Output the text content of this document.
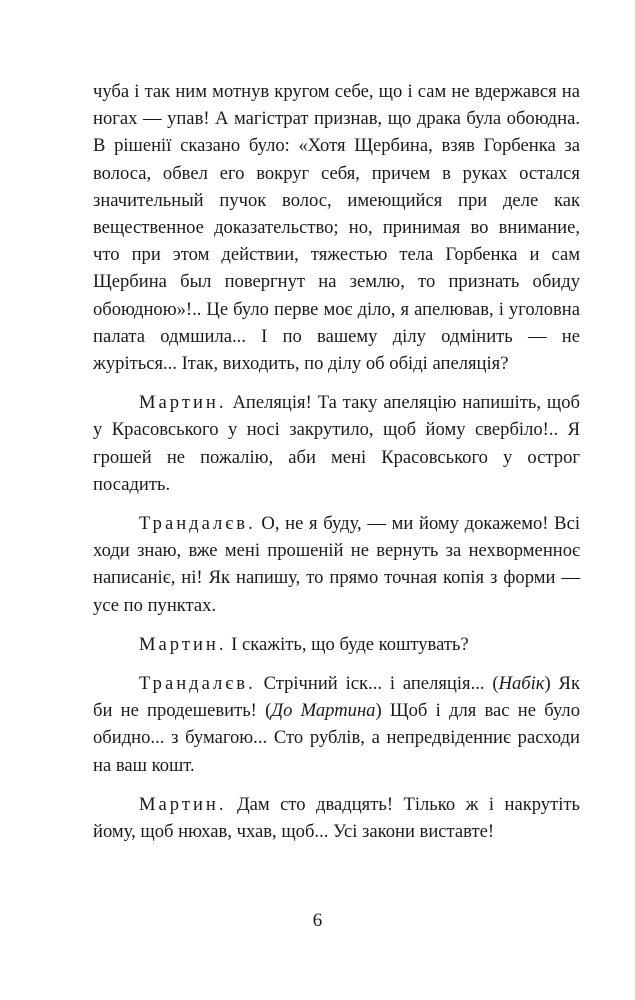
чуба і так ним мотнув кругом себе, що і сам не вдержався на ногах — упав! А магістрат признав, що драка була обоюдна. В рішенії сказано було: «Хотя Щербина, взяв Горбенка за волоса, обвел его вокруг себя, причем в руках остался значительный пучок волос, имеющийся при деле как вещественное доказательство; но, принимая во внимание, что при этом действии, тяжестью тела Горбенка и сам Щербина был повергнут на землю, то признать обиду обоюдною»!.. Це було перве моє діло, я апелював, і уголовна палата одмшила... І по вашему ділу одмінить — не журіться... Ітак, виходить, по ділу об обіді апеляція?

Мартин. Апеляція! Та таку апеляцію напишіть, щоб у Красовського у носі закрутило, щоб йому свербіло!.. Я грошей не пожалію, аби мені Красовського у острог посадить.

Трандалєв. О, не я буду, — ми йому докажемо! Всі ходи знаю, вже мені прошеній не вернуть за нехворменноє написаніє, ні! Як напишу, то прямо точная копія з форми — усе по пунктах.

Мартин. І скажіть, що буде коштувать?

Трандалєв. Стрічний іск... і апеляція... (Набік) Як би не продешевить! (До Мартина) Щоб і для вас не було обидно... з бумагою... Сто рублів, а непредвіденниє расходи на ваш кошт.

Мартин. Дам сто двадцять! Тілько ж і накрутіть йому, щоб нюхав, чхав, щоб... Усі закони виставте!

6
